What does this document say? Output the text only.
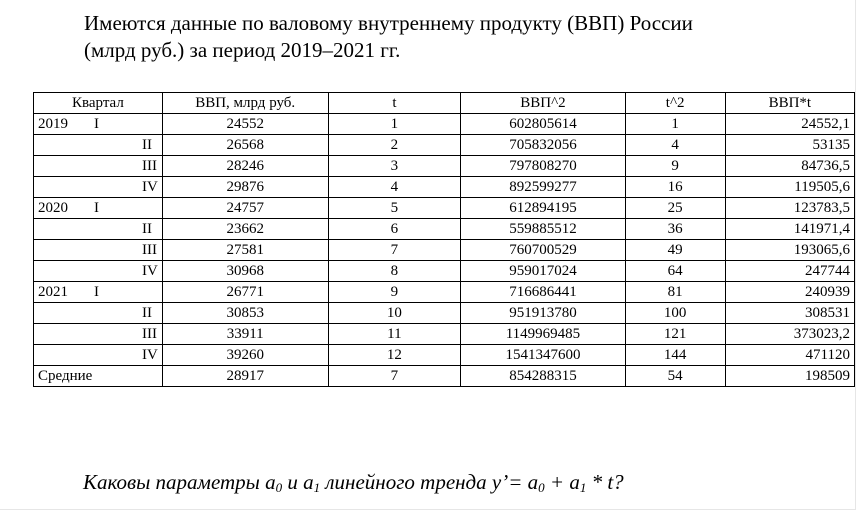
Имеются данные по валовому внутреннему продукту (ВВП) России
(млрд руб.) за период 2019–2021 гг.
Квартал	ВВП, млрд руб.	t	ВВП^2	t^2	ВВП*t
2019 I	24552	1	602805614	1	24552,1
II	26568	2	705832056	4	53135
III	28246	3	797808270	9	84736,5
IV	29876	4	892599277	16	119505,6
2020 I	24757	5	612894195	25	123783,5
II	23662	6	559885512	36	141971,4
III	27581	7	760700529	49	193065,6
IV	30968	8	959017024	64	247744
2021 I	26771	9	716686441	81	240939
II	30853	10	951913780	100	308531
III	33911	11	1149969485	121	373023,2
IV	39260	12	1541347600	144	471120
Средние	28917	7	854288315	54	198509
Каковы параметры $a_0$ и $a_1$ линейного тренда y’= $a_0 + a_1 * t$?
